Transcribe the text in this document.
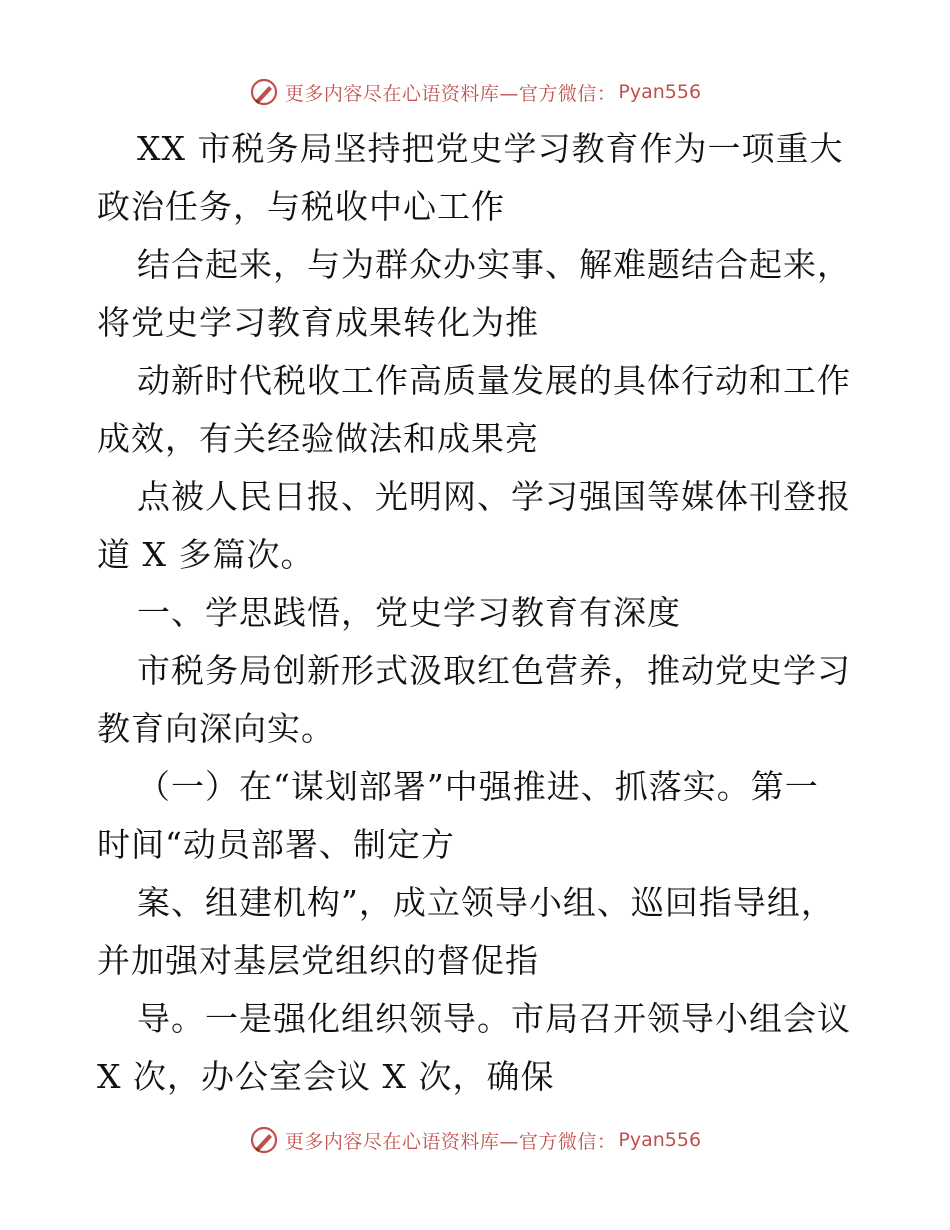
更多内容尽在心语资料库—官方微信： Pyan556

XX 市税务局坚持把党史学习教育作为一项重大
政治任务，与税收中心工作

结合起来，与为群众办实事、解难题结合起来，
将党史学习教育成果转化为推

动新时代税收工作高质量发展的具体行动和工作
成效，有关经验做法和成果亮

点被人民日报、光明网、学习强国等媒体刊登报
道 X 多篇次。

一、学思践悟，党史学习教育有深度

市税务局创新形式汲取红色营养，推动党史学习
教育向深向实。

（一）在“谋划部署”中强推进、抓落实。第一
时间“动员部署、制定方

案、组建机构”，成立领导小组、巡回指导组，
并加强对基层党组织的督促指

导。一是强化组织领导。市局召开领导小组会议
X 次，办公室会议 X 次，确保

更多内容尽在心语资料库—官方微信： Pyan556
